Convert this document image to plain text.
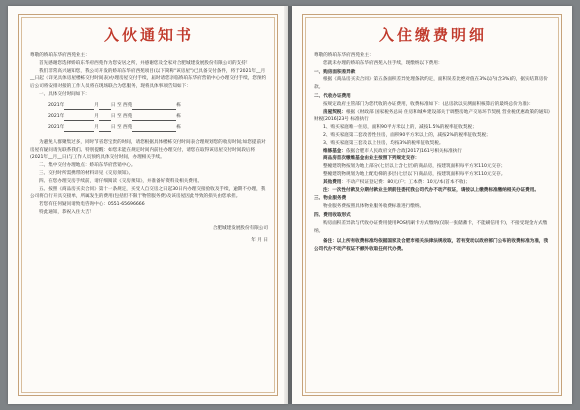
入伙通知书

尊敬的娇珀东华府西苑业主：

首先感谢您选择娇珀东华府西苑作为您安居之所，并感谢您及全家对合肥城建发展股份有限公司的支持！

我们非常高兴通知您，我公司开发的娇珀东华府西苑项目(以下简称"该房屋")已具备交付条件，将于2021年__月__日起（详见具体房屋楼栋交付时间表)办理房屋交付手续，届时请您亲临娇珀东华府营销中心办理交付手续，您预约后公司将安排对接的工作人员将在现场联合为您服务，现将具体事项告知如下：

一、具体交付时间如下：

2021年	月	日 至 西苑	栋
2021年	月	日 至 西苑	栋
2021年	月	日 至 西苑	栋

为避免人群聚集过多，同时节省您宝贵的时间，请您根据具体楼栋交付时间表合理规划您的收房时间;如您提前对房屋有疑问请先联系我们。特别提醒：如您未能在规定时间内前往办理交付，请您在取得该房屋交付时间段后将(2021年__月__日)与工作人员预约具体交付时间，办理相关手续。

二、集中交付办理地点：娇珀东华府营销中心。

三、交付时所需携带的材料详见《交房须知》。

四、在您办理交房手续前，请仔细阅读《交房须知》，并准备好资料及相关费用。

五、按照《商品房买卖合同》第十一条规定，买受人自交房之日起30日内办理交接验收及手续，逾期不办理，我公司将自行开具交接单，所属发生的费用(包括但不限于物管服务费)及该房屋因此导致的损失由您承担。

若您有任何疑问请致电咨询中心：0551-65696666

特此通知，恭祝入住大吉！

合肥城建发展股份有限公司

年 月 日

入住缴费明细

尊敬的娇珀东华府西苑业主：

您就未办理的娇珀东华府西苑入住手续，现缴纳以下费用：

一、购房面积差异款

根据《商品房买卖合同》第五条面积差异处理条款约定，面积误差比绝对值在3%以内(含3%)的，据实结算房价款。

二、代收办证费用

按规定政府主管部门为您代收的办证费用，收费标准如下：(总房款以实测面积核算后的最终总价为准)：

房屋契税：根据《财政部 国家税务总局 住房和城乡建设部关于调整房地产交易环节契税 营业税优惠政策的通知》财税[2016]23号 标准执行

1、购买家庭唯一住房，面积90平方米以上的，减按1.5%的税率征收契税；

2、购买家庭第二套改善性住房，面积90平方米以上的，减按2%的税率征收契税；

3、购买家庭第三套及以上住房，均按3%的税率征收契税。

维修基金：依据合肥市人民政府文件合政[2017]161号相关标准执行

商品房首次缴维基金由业主按照下列规定交存：

整幢建筑物按划为地上部分(七层以上含七层)的商品房，按建筑面积每平方米110元交存；

整幢建筑物规划为地上配电梯的多层(七层以下)商品房，按建筑面积每平方米110元交存。

其他费用：不动产权证登记费：80元/户；工本费：10元/本(首本不收)；

注：一次性付款及分期付款业主须前往委托我公司代办不动产权证，请按以上缴费标准缴纳相关办证费用。

三、物业服务费

物业服务费按照具体物业服务收费标准进行缴纳。

四、费用收取形式

购房面积差异款与代收办证费用使用POS机刷卡方式缴纳(仅限一张储蓄卡，不能刷信用卡)，不接受现金方式缴纳。

备注：以上所有收费标准均依据国家及合肥市相关法律法规收取，若有变动以政府部门公布的收费标准为准，我公司代办不动产权证不额外收取任何代办费。
